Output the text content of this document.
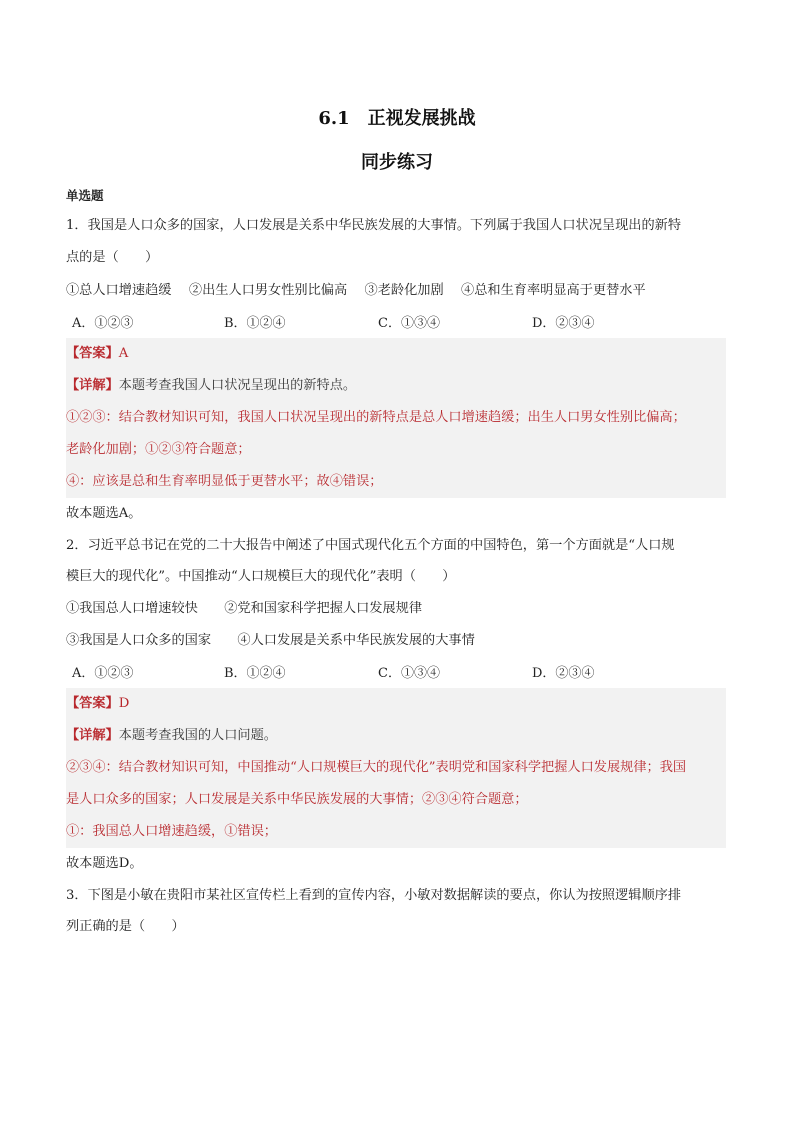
6.1　正视发展挑战
同步练习
单选题
1．我国是人口众多的国家，人口发展是关系中华民族发展的大事情。下列属于我国人口状况呈现出的新特
点的是（　　）
①总人口增速趋缓　 ②出生人口男女性别比偏高　 ③老龄化加剧　 ④总和生育率明显高于更替水平
A．①②③	B．①②④	C．①③④	D．②③④
【答案】A
【详解】本题考查我国人口状况呈现出的新特点。
①②③：结合教材知识可知，我国人口状况呈现出的新特点是总人口增速趋缓；出生人口男女性别比偏高；
老龄化加剧；①②③符合题意；
④：应该是总和生育率明显低于更替水平；故④错误；
故本题选A。
2．习近平总书记在党的二十大报告中阐述了中国式现代化五个方面的中国特色，第一个方面就是“人口规
模巨大的现代化”。中国推动“人口规模巨大的现代化”表明（　　）
①我国总人口增速较快　　②党和国家科学把握人口发展规律
③我国是人口众多的国家　　④人口发展是关系中华民族发展的大事情
A．①②③	B．①②④	C．①③④	D．②③④
【答案】D
【详解】本题考查我国的人口问题。
②③④：结合教材知识可知，中国推动“人口规模巨大的现代化”表明党和国家科学把握人口发展规律；我国
是人口众多的国家；人口发展是关系中华民族发展的大事情；②③④符合题意；
①：我国总人口增速趋缓，①错误；
故本题选D。
3．下图是小敏在贵阳市某社区宣传栏上看到的宣传内容，小敏对数据解读的要点，你认为按照逻辑顺序排
列正确的是（　　）
